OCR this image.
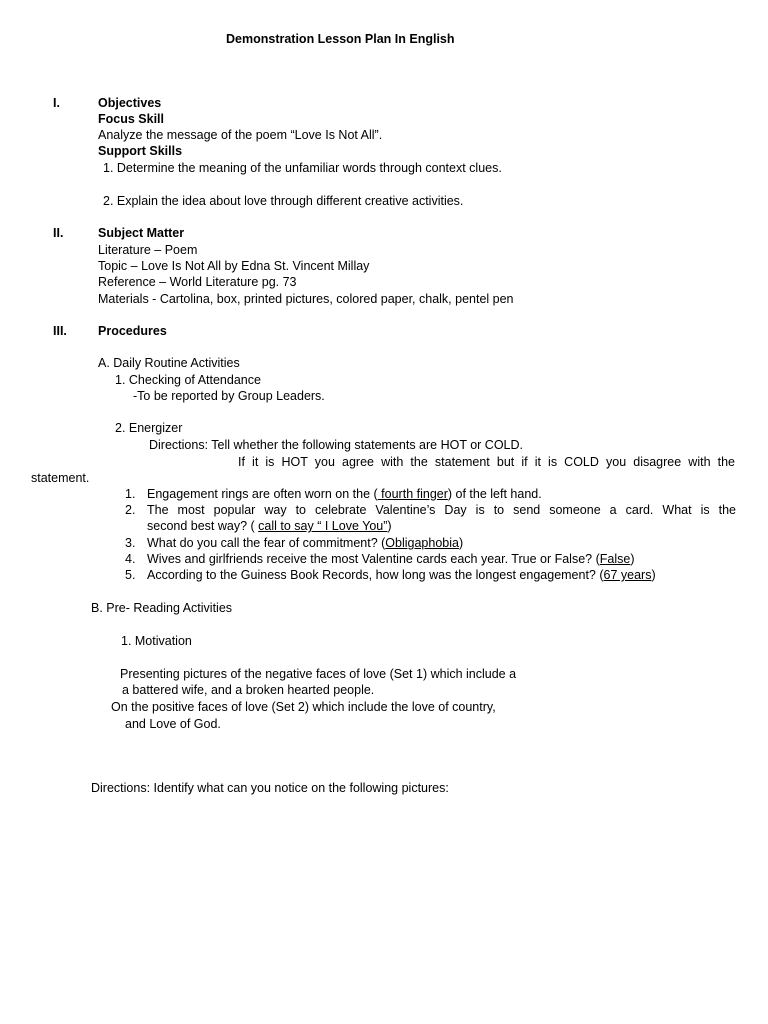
Demonstration Lesson Plan In English
I.	Objectives
Focus Skill
Analyze the message of the poem “Love Is Not All”.
Support Skills
1. Determine the meaning of the unfamiliar words through context clues.
2. Explain the idea about love through different creative activities.
II.	Subject Matter
Literature – Poem
Topic – Love Is Not All by Edna St. Vincent Millay
Reference – World Literature pg. 73
Materials - Cartolina, box, printed pictures, colored paper, chalk, pentel pen
III. Procedures
A. Daily Routine Activities
1. Checking of Attendance
-To be reported by Group Leaders.
2. Energizer
Directions: Tell whether the following statements are HOT or COLD.
If it is HOT you agree with the statement but if it is COLD you disagree with the
statement.
1. Engagement rings are often worn on the ( fourth finger) of the left hand.
2. The most popular way to celebrate Valentine’s Day is to send someone a card. What is the
second best way? ( call to say “ I Love You”)
3. What do you call the fear of commitment? (Obligaphobia)
4. Wives and girlfriends receive the most Valentine cards each year. True or False? (False)
5. According to the Guiness Book Records, how long was the longest engagement? (67 years)
B. Pre- Reading Activities
1. Motivation
Presenting pictures of the negative faces of love (Set 1) which include a
a battered wife, and a broken hearted people.
On the positive faces of love (Set 2) which include the love of country,
and Love of God.
Directions: Identify what can you notice on the following pictures:
